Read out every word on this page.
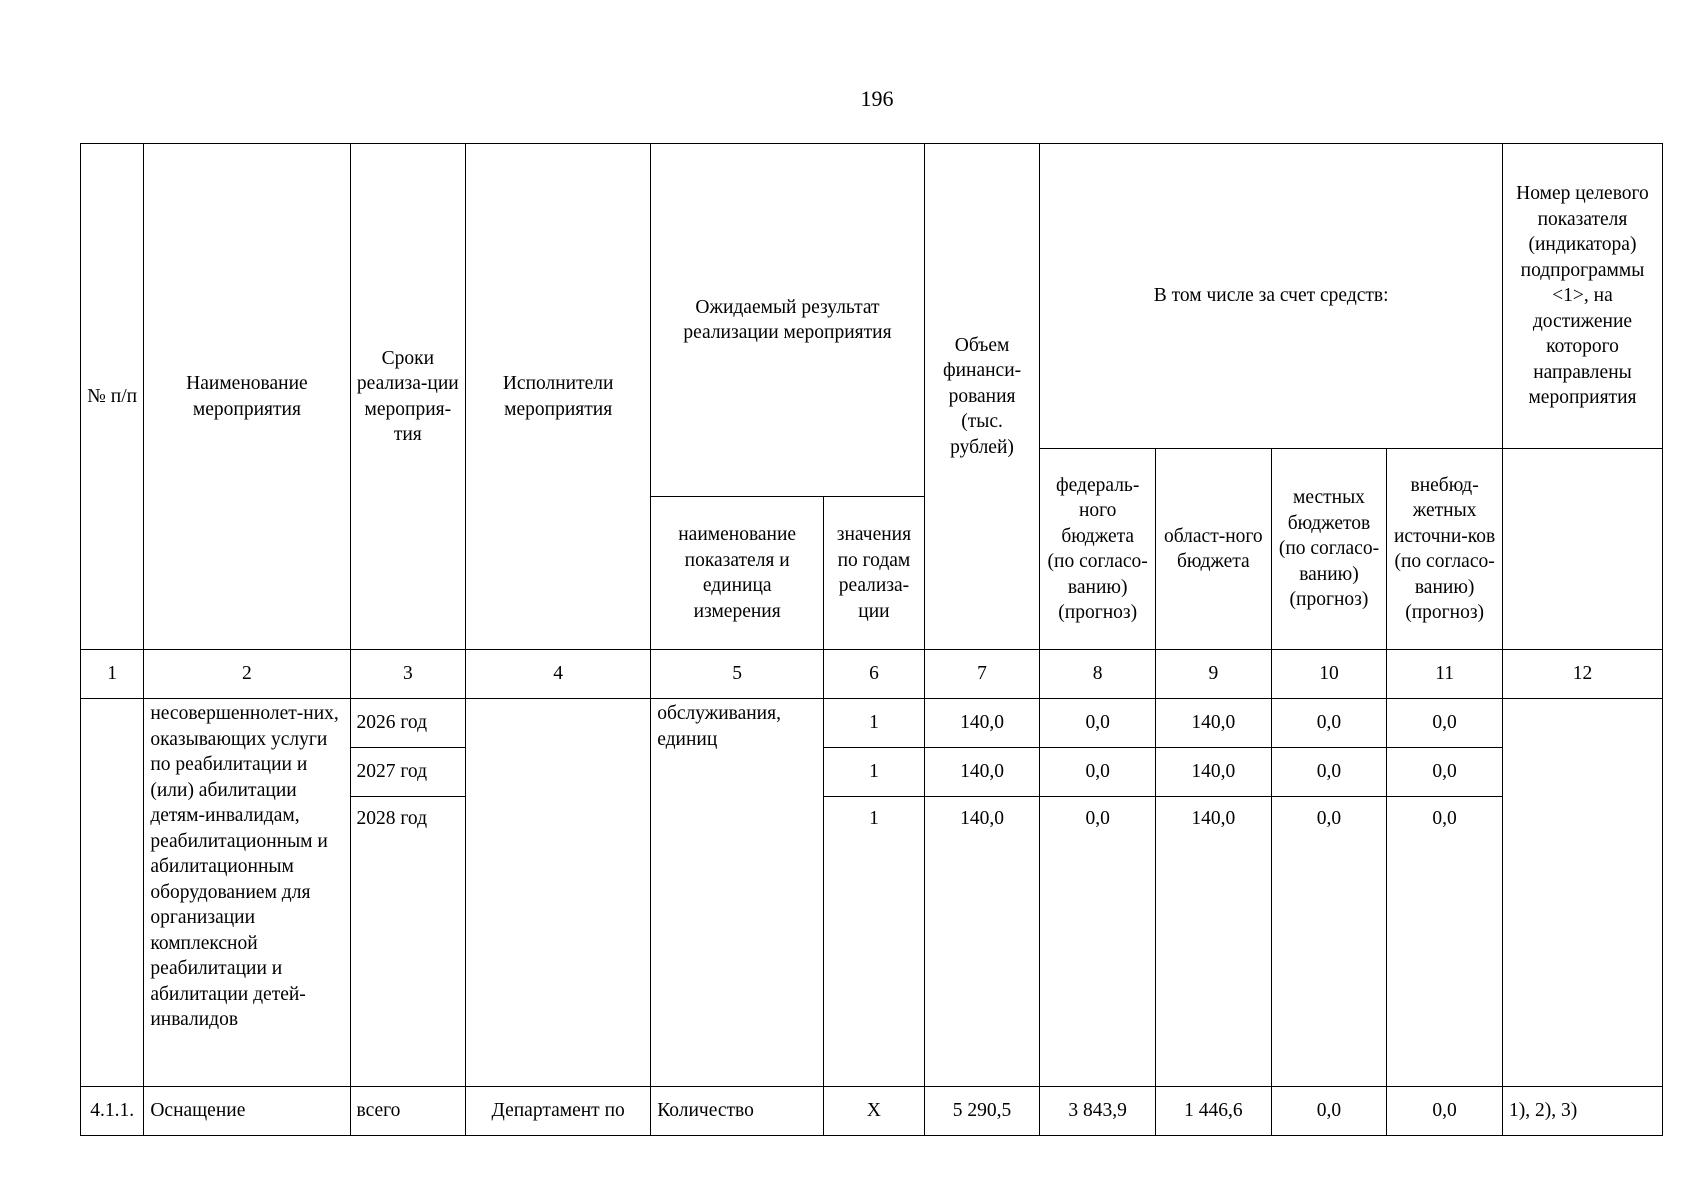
196
№ п/п	Наименование мероприятия	Сроки реализа-ции мероприя-тия	Исполнители мероприятия	Ожидаемый результат реализации мероприятия		Объем финанси-рования (тыс. рублей)	В том числе за счет средств:				Номер целевого показателя (индикатора) подпрограммы <1>, на достижение которого направлены мероприятия
							федераль-ного бюджета (по согласо-ванию) (прогноз)	област-ного бюджета	местных бюджетов (по согласо-ванию) (прогноз)	внебюд-жетных источни-ков (по согласо-ванию) (прогноз)	
				наименование показателя и единица измерения	значения по годам реализа-ции						
1	2	3	4	5	6	7	8	9	10	11	12
	несовершеннолет-них, оказывающих услуги по реабилитации и (или) абилитации детям-инвалидам, реабилитационным и абилитационным оборудованием для организации комплексной реабилитации и абилитации детей-инвалидов	2026 год		обслуживания, единиц	1	140,0	0,0	140,0	0,0	0,0	
		2027 год			1	140,0	0,0	140,0	0,0	0,0	
		2028 год			1	140,0	0,0	140,0	0,0	0,0	
4.1.1.	Оснащение	всего	Департамент по	Количество	Х	5 290,5	3 843,9	1 446,6	0,0	0,0	1), 2), 3)
